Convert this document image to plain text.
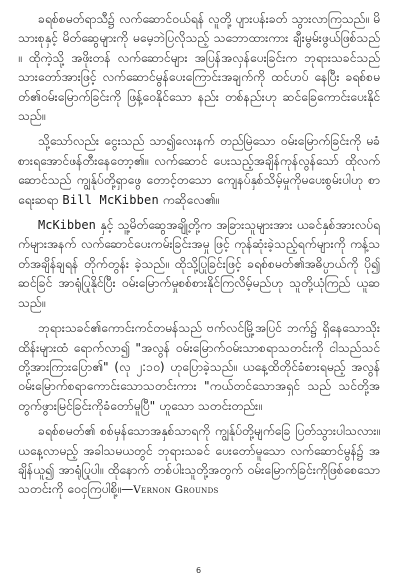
ခရစ်စမတ်ရာသီ၌ လက်ဆောင်ဝယ်ရန် လူတို့ ပျားပန်းခတ် သွားလာကြသည်။ မိသားစုနှင့် မိတ်ဆွေများကို မမေ့ဘဲပြလိုသည့် သဘောထားကား ချီးမွမ်းဖွယ်ဖြစ်သည်။ ထိုကဲ့သို့ အဖိုးတန် လက်ဆောင်များ အပြန်အလှန်ပေးခြင်းက ဘုရားသခင်သည် သားတော်အားဖြင့် လက်ဆောင်မွန်ပေးကြောင်းအချက်ကို ထင်ဟပ် နေပြီး ခရစ်စမတ်၏ဝမ်းမြောက်ခြင်းကို ဖြန့်ဝေနိုင်သော နည်း တစ်နည်းဟု ဆင်ခြေကောင်းပေးနိုင်သည်။

သို့သော်လည်း ငွေးသည် သာ၍လေးနက် တည်မြဲသော ဝမ်းမြောက်ခြင်းကို မခံစားရအောင်ဖန်တီးနေတော့၏။ လက်ဆောင် ပေးသည့်အချိန်ကုန်လွန်သော် ထိုလက်ဆောင်သည် ကျွန်ုပ်တို့ရှာဖွေ တောင့်တသော ကျေနပ်နှစ်သိမ့်မှုကိုမပေးစွမ်းပါဟု စာရေးဆရာ Bill McKibben ကဆိုလေ၏။

McKibben နှင့် သူ့မိတ်ဆွေအချို့တို့က အခြားသူများအား ယခင်နှစ်အားလပ်ရက်များအနက် လက်ဆောင်ပေးကမ်းခြင်းအမှု ဖြင့် ကုန်ဆုံးခဲ့သည့်ရက်များကို ကန့်သတ်အချိန်ချရန် တိုက်တွန်း ခဲ့သည်။ ထိုသို့ပြုခြင်းဖြင့် ခရစ်စမတ်၏အဓိပ္ပာယ်ကို ပို၍ဆင်ခြင် အာရုံပြုနိုင်ပြီး ဝမ်းမြောက်မှုစစ်စားနိုင်ကြလိမ့်မည်ဟု သူတို့ယုံကြည် ယူဆသည်။

ဘုရားသခင်၏ကောင်းကင်တမန်သည် ဗက်လင်မြို့အပြင် ဘက်၌ ရှိနေသောသိုးထိန်းများထံ ရောက်လာ၍ "အလွန် ဝမ်းမြောက်ဝမ်းသာစရာသတင်းကို ငါသည်သင်တို့အားကြားပြော၏" (လု ၂:၁၀) ဟုပြောခဲ့သည်။ ယနေ့ထိတိုင်ခံစားရမည့် အလွန် ဝမ်းမြောက်စရာကောင်းသောသတင်းကား "ကယ်တင်သောအရှင် သည် သင်တို့အတွက်ဖွားမြင်ခြင်းကိုခံတော်မူပြီ" ဟူသော သတင်းတည်း။

ခရစ်စမတ်၏ စစ်မှန်သောအနှစ်သာရကို ကျွန်ုပ်တို့မျက်ခြေ ပြတ်သွားပါသလား။ ယနေ့လာမည့် အခါသမယတွင် ဘုရားသခင် ပေးတော်မူသော လက်ဆောင်မွန်၌ အချိန်ယူ၍ အာရုံပြုပါ။ ထိုနောက် တစ်ပါးသူတို့အတွက် ဝမ်းမြောက်ခြင်းကိုဖြစ်စေသော သတင်းကို ဝေငှကြပါစို့။—Vernon Grounds

6
